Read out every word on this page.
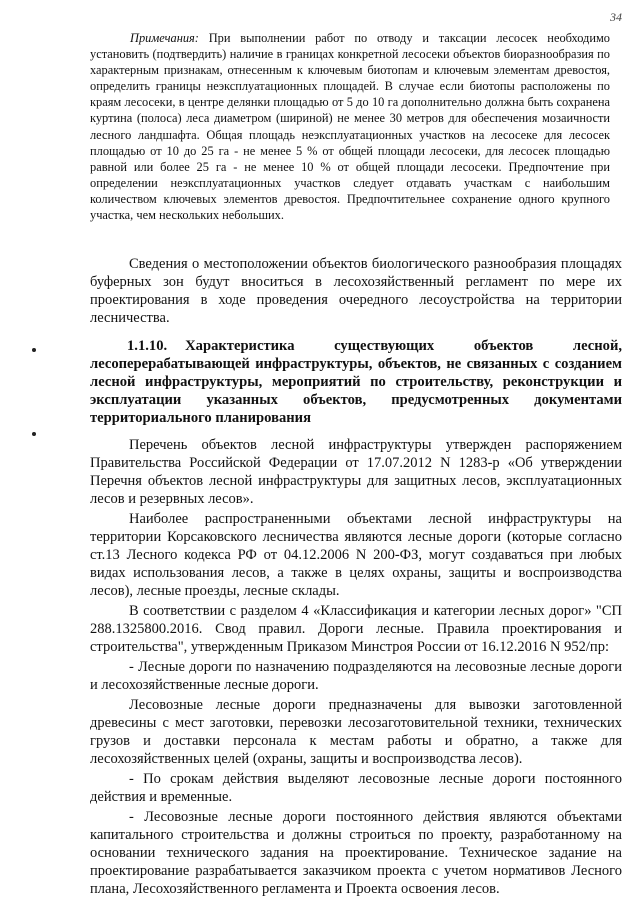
34

Примечания: При выполнении работ по отводу и таксации лесосек необходимо установить (подтвердить) наличие в границах конкретной лесосеки объектов биоразнообразия по характерным признакам, отнесенным к ключевым биотопам и ключевым элементам древостоя, определить границы неэксплуатационных площадей. В случае если биотопы расположены по краям лесосеки, в центре делянки площадью от 5 до 10 га дополнительно должна быть сохранена куртина (полоса) леса диаметром (шириной) не менее 30 метров для обеспечения мозаичности лесного ландшафта. Общая площадь неэксплуатационных участков на лесосеке для лесосек площадью от 10 до 25 га - не менее 5 % от общей площади лесосеки, для лесосек площадью равной или более 25 га - не менее 10 % от общей площади лесосеки. Предпочтение при определении неэксплуатационных участков следует отдавать участкам с наибольшим количеством ключевых элементов древостоя. Предпочтительнее сохранение одного крупного участка, чем нескольких небольших.

Сведения о местоположении объектов биологического разнообразия площадях буферных зон будут вноситься в лесохозяйственный регламент по мере их проектирования в ходе проведения очередного лесоустройства на территории лесничества.

1.1.10. Характеристика существующих объектов лесной, лесоперерабатывающей инфраструктуры, объектов, не связанных с созданием лесной инфраструктуры, мероприятий по строительству, реконструкции и эксплуатации указанных объектов, предусмотренных документами территориального планирования

Перечень объектов лесной инфраструктуры утвержден распоряжением Правительства Российской Федерации от 17.07.2012 N 1283-р «Об утверждении Перечня объектов лесной инфраструктуры для защитных лесов, эксплуатационных лесов и резервных лесов».

Наиболее распространенными объектами лесной инфраструктуры на территории Корсаковского лесничества являются лесные дороги (которые согласно ст.13 Лесного кодекса РФ от 04.12.2006 N 200-ФЗ, могут создаваться при любых видах использования лесов, а также в целях охраны, защиты и воспроизводства лесов), лесные проезды, лесные склады.

В соответствии с разделом 4 «Классификация и категории лесных дорог» "СП 288.1325800.2016. Свод правил. Дороги лесные. Правила проектирования и строительства", утвержденным Приказом Минстроя России от 16.12.2016 N 952/пр:

- Лесные дороги по назначению подразделяются на лесовозные лесные дороги и лесохозяйственные лесные дороги.

Лесовозные лесные дороги предназначены для вывозки заготовленной древесины с мест заготовки, перевозки лесозаготовительной техники, технических грузов и доставки персонала к местам работы и обратно, а также для лесохозяйственных целей (охраны, защиты и воспроизводства лесов).

- По срокам действия выделяют лесовозные лесные дороги постоянного действия и временные.

- Лесовозные лесные дороги постоянного действия являются объектами капитального строительства и должны строиться по проекту, разработанному на основании технического задания на проектирование. Техническое задание на проектирование разрабатывается заказчиком проекта с учетом нормативов Лесного плана, Лесохозяйственного регламента и Проекта освоения лесов.
